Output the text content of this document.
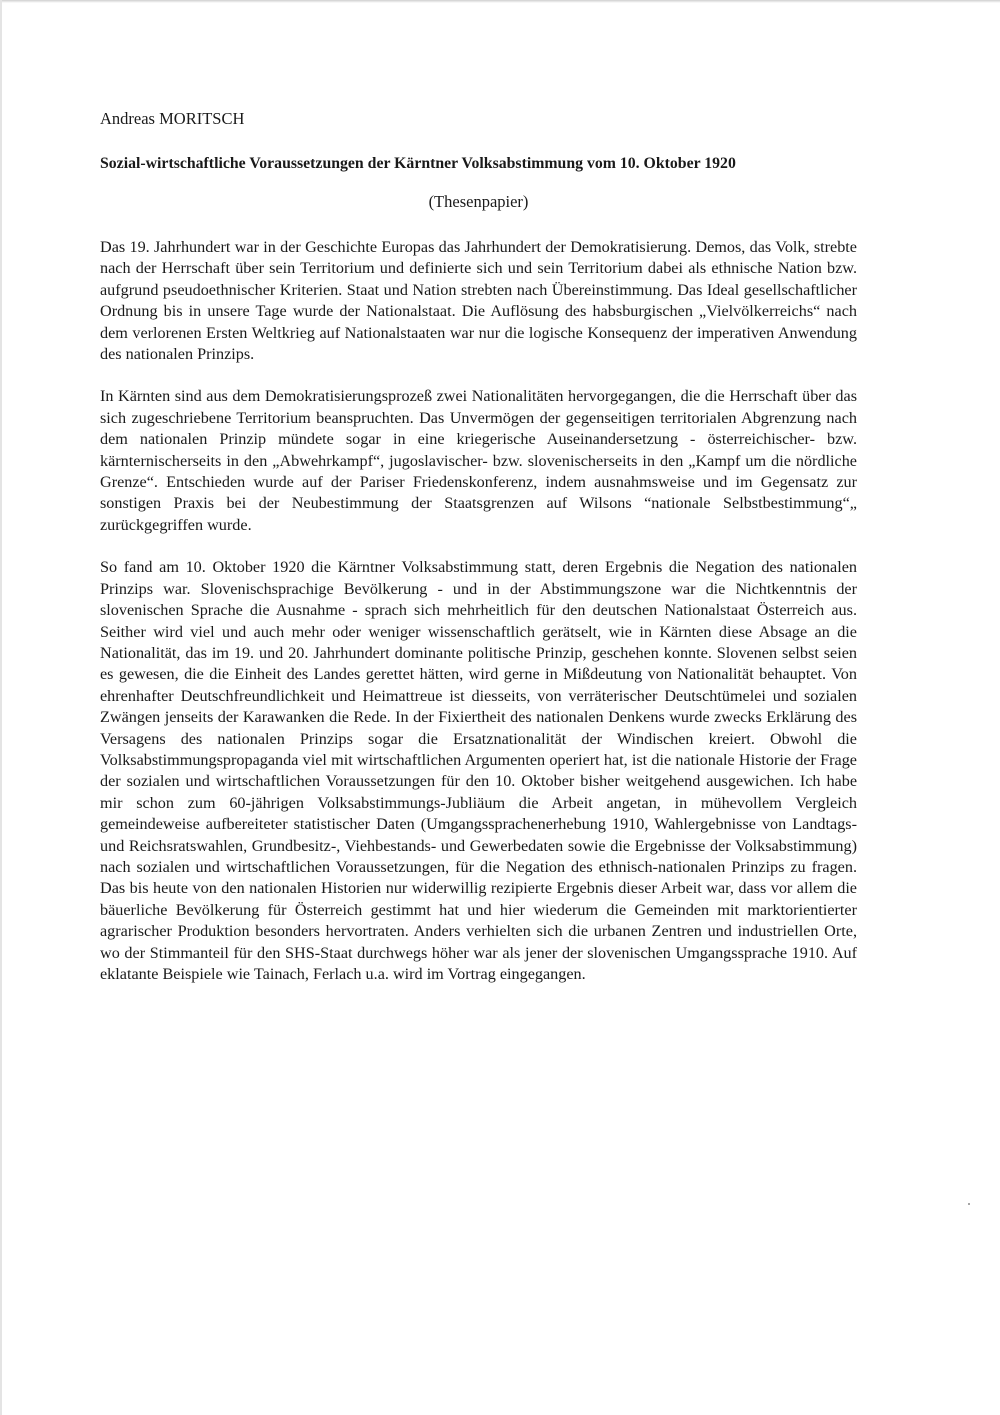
Andreas MORITSCH
Sozial-wirtschaftliche Voraussetzungen der Kärntner Volksabstimmung vom 10. Oktober 1920
(Thesenpapier)

Das 19. Jahrhundert war in der Geschichte Europas das Jahrhundert der Demokratisierung. Demos, das Volk, strebte nach der Herrschaft über sein Territorium und definierte sich und sein Territorium dabei als ethnische Nation bzw. aufgrund pseudoethnischer Kriterien. Staat und Nation strebten nach Übereinstimmung. Das Ideal gesellschaftlicher Ordnung bis in unsere Tage wurde der Nationalstaat. Die Auflösung des habsburgischen „Vielvölkerreichs“ nach dem verlorenen Ersten Weltkrieg auf Nationalstaaten war nur die logische Konsequenz der imperativen Anwendung des nationalen Prinzips.

In Kärnten sind aus dem Demokratisierungsprozeß zwei Nationalitäten hervorgegangen, die die Herrschaft über das sich zugeschriebene Territorium beanspruchten. Das Unvermögen der gegenseitigen territorialen Abgrenzung nach dem nationalen Prinzip mündete sogar in eine kriegerische Auseinandersetzung - österreichischer- bzw. kärnternischerseits in den „Abwehrkampf“, jugoslavischer- bzw. slovenischerseits in den „Kampf um die nördliche Grenze“. Entschieden wurde auf der Pariser Friedenskonferenz, indem ausnahmsweise und im Gegensatz zur sonstigen Praxis bei der Neubestimmung der Staatsgrenzen auf Wilsons “nationale Selbstbestimmung“„ zurückgegriffen wurde.

So fand am 10. Oktober 1920 die Kärntner Volksabstimmung statt, deren Ergebnis die Negation des nationalen Prinzips war. Slovenischsprachige Bevölkerung - und in der Abstimmungszone war die Nichtkenntnis der slovenischen Sprache die Ausnahme - sprach sich mehrheitlich für den deutschen Nationalstaat Österreich aus. Seither wird viel und auch mehr oder weniger wissenschaftlich gerätselt, wie in Kärnten diese Absage an die Nationalität, das im 19. und 20. Jahrhundert dominante politische Prinzip, geschehen konnte. Slovenen selbst seien es gewesen, die die Einheit des Landes gerettet hätten, wird gerne in Mißdeutung von Nationalität behauptet. Von ehrenhafter Deutschfreundlichkeit und Heimattreue ist diesseits, von verräterischer Deutschtümelei und sozialen Zwängen jenseits der Karawanken die Rede. In der Fixiertheit des nationalen Denkens wurde zwecks Erklärung des Versagens des nationalen Prinzips sogar die Ersatznationalität der Windischen kreiert. Obwohl die Volksabstimmungspropaganda viel mit wirtschaftlichen Argumenten operiert hat, ist die nationale Historie der Frage der sozialen und wirtschaftlichen Voraussetzungen für den 10. Oktober bisher weitgehend ausgewichen. Ich habe mir schon zum 60-jährigen Volksabstimmungs-Jubliäum die Arbeit angetan, in mühevollem Vergleich gemeindeweise aufbereiteter statistischer Daten (Umgangssprachenerhebung 1910, Wahlergebnisse von Landtags- und Reichsratswahlen, Grundbesitz-, Viehbestands- und Gewerbedaten sowie die Ergebnisse der Volksabstimmung) nach sozialen und wirtschaftlichen Voraussetzungen, für die Negation des ethnisch-nationalen Prinzips zu fragen. Das bis heute von den nationalen Historien nur widerwillig rezipierte Ergebnis dieser Arbeit war, dass vor allem die bäuerliche Bevölkerung für Österreich gestimmt hat und hier wiederum die Gemeinden mit marktorientierter agrarischer Produktion besonders hervortraten. Anders verhielten sich die urbanen Zentren und industriellen Orte, wo der Stimmanteil für den SHS-Staat durchwegs höher war als jener der slovenischen Umgangssprache 1910. Auf eklatante Beispiele wie Tainach, Ferlach u.a. wird im Vortrag eingegangen.
